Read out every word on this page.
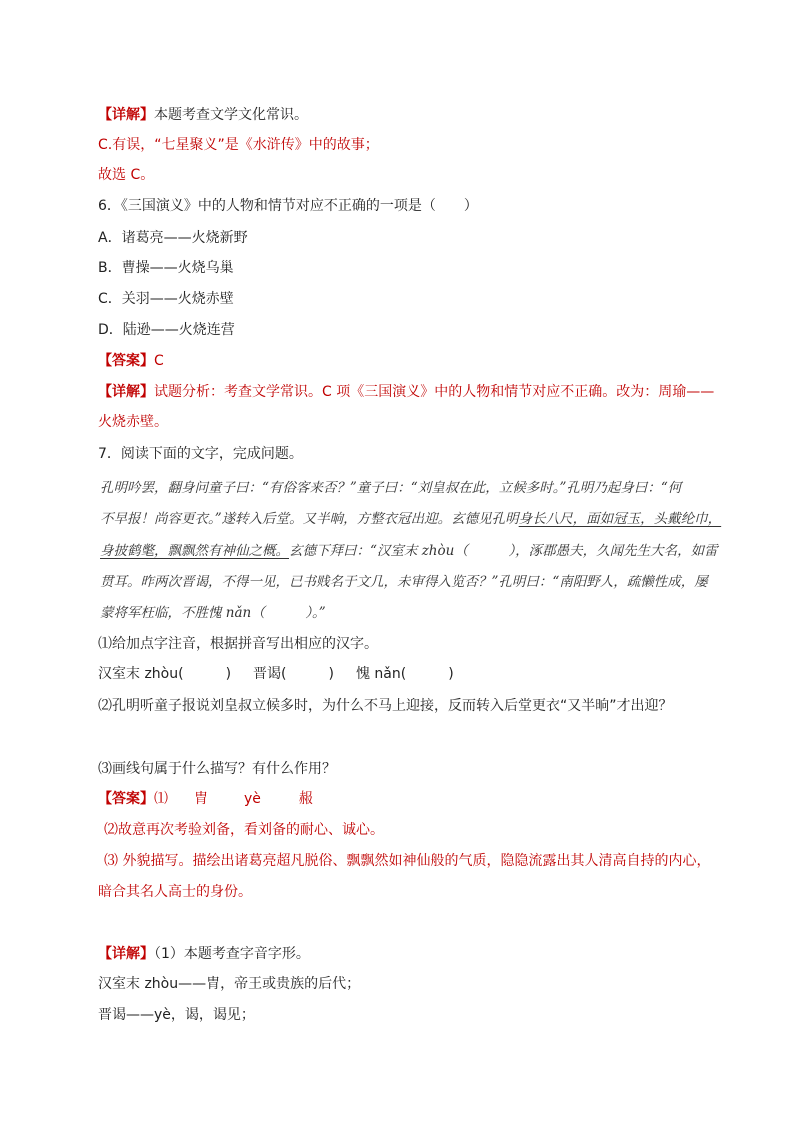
【详解】本题考查文学文化常识。
C.有误，“七星聚义”是《水浒传》中的故事；
故选 C。
6．《三国演义》中的人物和情节对应不正确的一项是（　　）
A．诸葛亮——火烧新野
B．曹操——火烧乌巢
C．关羽——火烧赤壁
D．陆逊——火烧连营
【答案】C
【详解】试题分析：考查文学常识。C 项《三国演义》中的人物和情节对应不正确。改为：周瑜——
火烧赤壁。
7．阅读下面的文字，完成问题。
孔明吟罢，翻身问童子曰：“有俗客来否？”童子曰：“刘皇叔在此，立候多时。”孔明乃起身曰：“何
不早报！尚容更衣。”遂转入后堂。又半晌，方整衣冠出迎。玄德见孔明身长八尺，面如冠玉，头戴纶巾，
身披鹤氅，飘飘然有神仙之概。玄德下拜曰：“汉室末 zhòu（　　　），涿郡愚夫，久闻先生大名，如雷
贯耳。昨两次晋谒，不得一见，已书贱名于文几，未审得入览否？”孔明曰：“南阳野人，疏懒性成，屡
蒙将军枉临，不胜愧 nǎn（　　　）。”
⑴给加点字注音，根据拼音写出相应的汉字。
汉室末 zhòu(　　　) 晋谒(　　　) 愧 nǎn(　　　)
⑵孔明听童子报说刘皇叔立候多时，为什么不马上迎接，反而转入后堂更衣“又半晌”才出迎？
⑶画线句属于什么描写？有什么作用？
【答案】⑴ 胄	yè	赧
⑵故意再次考验刘备，看刘备的耐心、诚心。
⑶ 外貌描写。描绘出诸葛亮超凡脱俗、飘飘然如神仙般的气质，隐隐流露出其人清高自持的内心，
暗合其名人高士的身份。
【详解】（1）本题考查字音字形。
汉室末 zhòu——胄，帝王或贵族的后代；
晋谒——yè，谒，谒见；
